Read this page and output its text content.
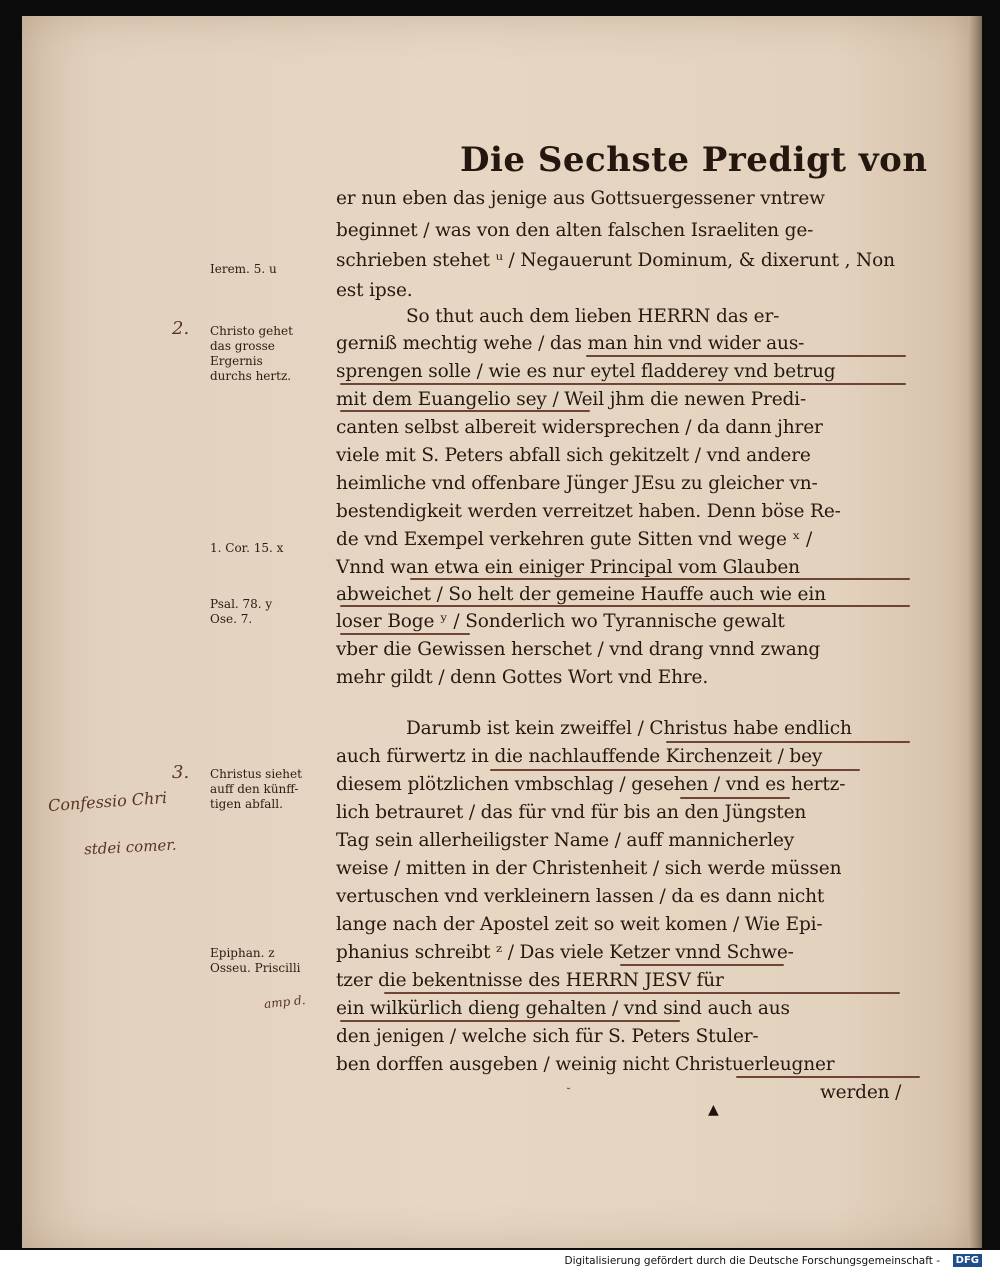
Die Sechste Predigt von
er nun eben das jenige aus Gottsuergessener vntrew
beginnet / was von den alten falschen Israeliten ge-
schrieben stehet ᵘ / Negauerunt Dominum, & dixerunt , Non
est ipse.
So thut auch dem lieben HERRN das er-
gerniß mechtig wehe / das man hin vnd wider aus-
sprengen solle / wie es nur eytel fladderey vnd betrug
mit dem Euangelio sey / Weil jhm die newen Predi-
canten selbst albereit widersprechen / da dann jhrer
viele mit S. Peters abfall sich gekitzelt / vnd andere
heimliche vnd offenbare Jünger JEsu zu gleicher vn-
bestendigkeit werden verreitzet haben. Denn böse Re-
de vnd Exempel verkehren gute Sitten vnd wege ˣ /
Vnnd wan etwa ein einiger Principal vom Glauben
abweichet / So helt der gemeine Hauffe auch wie ein
loser Boge ʸ / Sonderlich wo Tyrannische gewalt
vber die Gewissen herschet / vnd drang vnnd zwang
mehr gildt / denn Gottes Wort vnd Ehre.
Darumb ist kein zweiffel / Christus habe endlich
auch fürwertz in die nachlauffende Kirchenzeit / bey
diesem plötzlichen vmbschlag / gesehen / vnd es hertz-
lich betrauret / das für vnd für bis an den Jüngsten
Tag sein allerheiligster Name / auff mannicherley
weise / mitten in der Christenheit / sich werde müssen
vertuschen vnd verkleinern lassen / da es dann nicht
lange nach der Apostel zeit so weit komen / Wie Epi-
phanius schreibt ᶻ / Das viele Ketzer vnnd Schwe-
tzer die bekentnisse des HERRN JESV für
ein wilkürlich dieng gehalten / vnd sind auch aus
den jenigen / welche sich für S. Peters Stuler-
ben dorffen ausgeben / weinig nicht Christuerleugner
werden /
Ierem. 5. u
2. Christo gehet
das grosse
Ergernis
durchs hertz.
1. Cor. 15. x
Psal. 78. y
Ose. 7.
3. Christus siehet
auff den künff-
tigen abfall.
Epiphan. z
Osseu. Priscilli
Confessio Chri
stdei comer.
amp d.
▲
˘
Digitalisierung gefördert durch die Deutsche Forschungsgemeinschaft -	DFG
